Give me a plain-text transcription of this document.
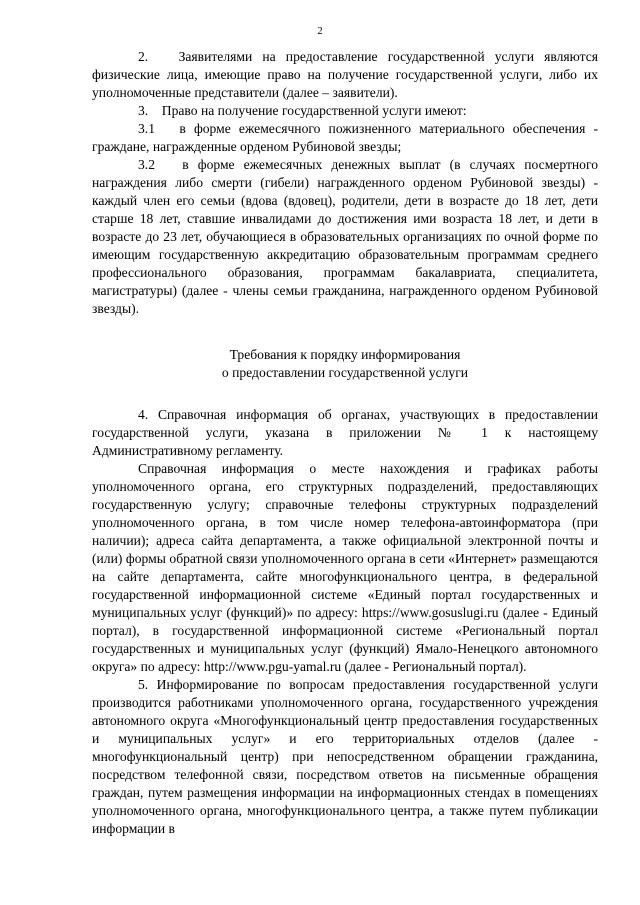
2

2.   Заявителями на предоставление государственной услуги являются физические лица, имеющие право на получение государственной услуги, либо их уполномоченные представители (далее – заявители).

3.    Право на получение государственной услуги имеют:

3.1   в форме ежемесячного пожизненного материального обеспечения - граждане, награжденные орденом Рубиновой звезды;

3.2   в форме ежемесячных денежных выплат (в случаях посмертного награждения либо смерти (гибели) награжденного орденом Рубиновой звезды) - каждый член его семьи (вдова (вдовец), родители, дети в возрасте до 18 лет, дети старше 18 лет, ставшие инвалидами до достижения ими возраста 18 лет, и дети в возрасте до 23 лет, обучающиеся в образовательных организациях по очной форме по имеющим государственную аккредитацию образовательным программам среднего профессионального образования, программам бакалавриата, специалитета, магистратуры) (далее - члены семьи гражданина, награжденного орденом Рубиновой звезды).

Требования к порядку информирования
о предоставлении государственной услуги

4. Справочная информация об органах, участвующих в предоставлении государственной услуги, указана в приложении № 1 к настоящему Административному регламенту.

Справочная информация о месте нахождения и графиках работы уполномоченного органа, его структурных подразделений, предоставляющих государственную услугу; справочные телефоны структурных подразделений уполномоченного органа, в том числе номер телефона-автоинформатора (при наличии); адреса сайта департамента, а также официальной электронной почты и (или) формы обратной связи уполномоченного органа в сети «Интернет» размещаются на сайте департамента, сайте многофункционального центра, в федеральной государственной информационной системе «Единый портал государственных и муниципальных услуг (функций)» по адресу: https://www.gosuslugi.ru (далее - Единый портал), в государственной информационной системе «Региональный портал государственных и муниципальных услуг (функций) Ямало-Ненецкого автономного округа» по адресу: http://www.pgu-yamal.ru (далее - Региональный портал).

5. Информирование по вопросам предоставления государственной услуги производится работниками уполномоченного органа, государственного учреждения автономного округа «Многофункциональный центр предоставления государственных и муниципальных услуг» и его территориальных отделов (далее - многофункциональный центр) при непосредственном обращении гражданина, посредством телефонной связи, посредством ответов на письменные обращения граждан, путем размещения информации на информационных стендах в помещениях уполномоченного органа, многофункционального центра, а также путем публикации информации в
